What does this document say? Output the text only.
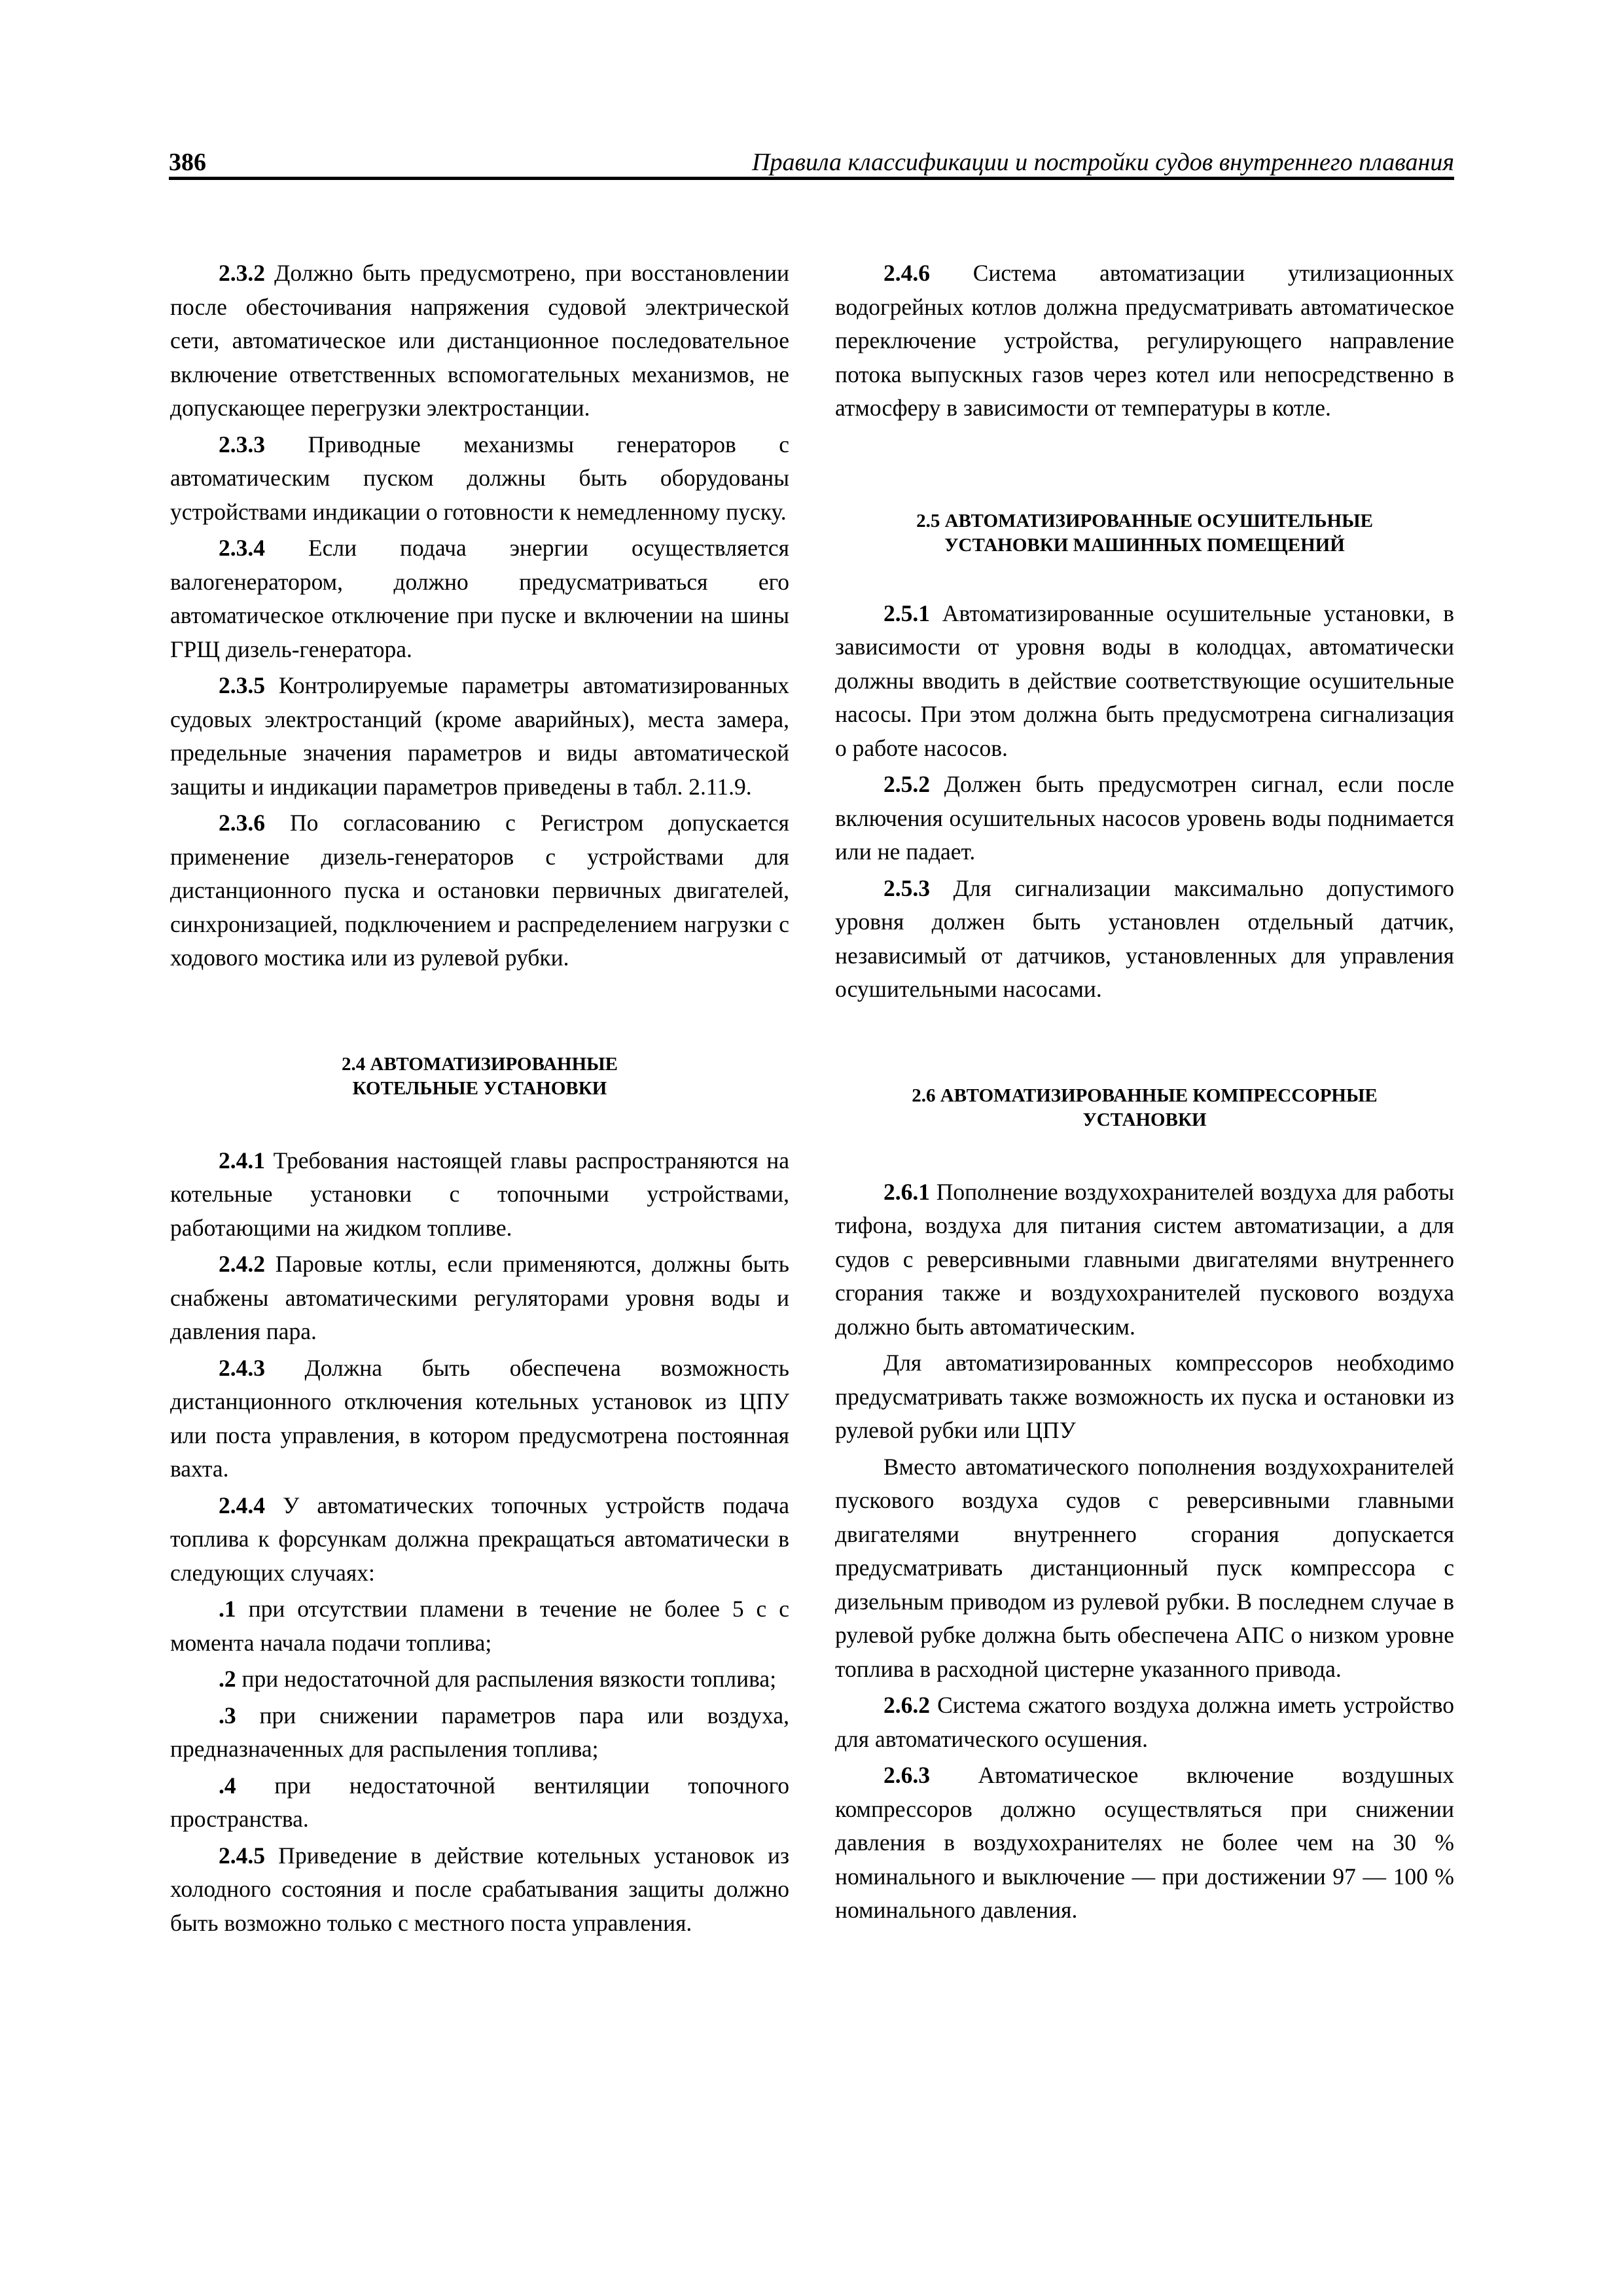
386	Правила классификации и постройки судов внутреннего плавания

2.3.2 Должно быть предусмотрено, при восстановлении после обесточивания напряжения судовой электрической сети, автоматическое или дистанционное последовательное включение ответственных вспомогательных механизмов, не допускающее перегрузки электростанции.

2.3.3 Приводные механизмы генераторов с автоматическим пуском должны быть оборудованы устройствами индикации о готовности к немедленному пуску.

2.3.4 Если подача энергии осуществляется валогенератором, должно предусматриваться его автоматическое отключение при пуске и включении на шины ГРЩ дизель-генератора.

2.3.5 Контролируемые параметры автоматизированных судовых электростанций (кроме аварийных), места замера, предельные значения параметров и виды автоматической защиты и индикации параметров приведены в табл. 2.11.9.

2.3.6 По согласованию с Регистром допускается применение дизель-генераторов с устройствами для дистанционного пуска и остановки первичных двигателей, синхронизацией, подключением и распределением нагрузки с ходового мостика или из рулевой рубки.

2.4 АВТОМАТИЗИРОВАННЫЕ
КОТЕЛЬНЫЕ УСТАНОВКИ

2.4.1 Требования настоящей главы распространяются на котельные установки с топочными устройствами, работающими на жидком топливе.

2.4.2 Паровые котлы, если применяются, должны быть снабжены автоматическими регуляторами уровня воды и давления пара.

2.4.3 Должна быть обеспечена возможность дистанционного отключения котельных установок из ЦПУ или поста управления, в котором предусмотрена постоянная вахта.

2.4.4 У автоматических топочных устройств подача топлива к форсункам должна прекращаться автоматически в следующих случаях:

.1 при отсутствии пламени в течение не более 5 с с момента начала подачи топлива;

.2 при недостаточной для распыления вязкости топлива;

.3 при снижении параметров пара или воздуха, предназначенных для распыления топлива;

.4 при недостаточной вентиляции топочного пространства.

2.4.5 Приведение в действие котельных установок из холодного состояния и после срабатывания защиты должно быть возможно только с местного поста управления.

2.4.6 Система автоматизации утилизационных водогрейных котлов должна предусматривать автоматическое переключение устройства, регулирующего направление потока выпускных газов через котел или непосредственно в атмосферу в зависимости от температуры в котле.

2.5 АВТОМАТИЗИРОВАННЫЕ ОСУШИТЕЛЬНЫЕ
УСТАНОВКИ МАШИННЫХ ПОМЕЩЕНИЙ

2.5.1 Автоматизированные осушительные установки, в зависимости от уровня воды в колодцах, автоматически должны вводить в действие соответствующие осушительные насосы. При этом должна быть предусмотрена сигнализация о работе насосов.

2.5.2 Должен быть предусмотрен сигнал, если после включения осушительных насосов уровень воды поднимается или не падает.

2.5.3 Для сигнализации максимально допустимого уровня должен быть установлен отдельный датчик, независимый от датчиков, установленных для управления осушительными насосами.

2.6 АВТОМАТИЗИРОВАННЫЕ КОМПРЕССОРНЫЕ
УСТАНОВКИ

2.6.1 Пополнение воздухохранителей воздуха для работы тифона, воздуха для питания систем автоматизации, а для судов с реверсивными главными двигателями внутреннего сгорания также и воздухохранителей пускового воздуха должно быть автоматическим.

Для автоматизированных компрессоров необходимо предусматривать также возможность их пуска и остановки из рулевой рубки или ЦПУ

Вместо автоматического пополнения воздухохранителей пускового воздуха судов с реверсивными главными двигателями внутреннего сгорания допускается предусматривать дистанционный пуск компрессора с дизельным приводом из рулевой рубки. В последнем случае в рулевой рубке должна быть обеспечена АПС о низком уровне топлива в расходной цистерне указанного привода.

2.6.2 Система сжатого воздуха должна иметь устройство для автоматического осушения.

2.6.3 Автоматическое включение воздушных компрессоров должно осуществляться при снижении давления в воздухохранителях не более чем на 30 % номинального и выключение — при достижении 97 — 100 % номинального давления.
